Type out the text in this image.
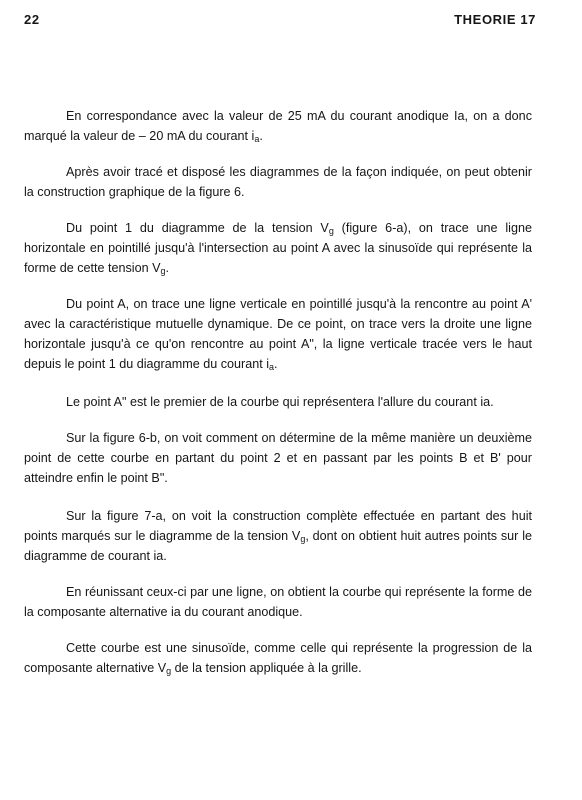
22	THEORIE 17

En correspondance avec la valeur de 25 mA du courant anodique Ia, on a donc marqué la valeur de – 20 mA du courant $i_a$.

Après avoir tracé et disposé les diagrammes de la façon indiquée, on peut obtenir la construction graphique de la figure 6.

Du point 1 du diagramme de la tension $V_g$ (figure 6-a), on trace une ligne horizontale en pointillé jusqu'à l'intersection au point A avec la sinusoïde qui représente la forme de cette tension $V_g$.

Du point A, on trace une ligne verticale en pointillé jusqu'à la rencontre au point A' avec la caractéristique mutuelle dynamique. De ce point, on trace vers la droite une ligne horizontale jusqu'à ce qu'on rencontre au point A", la ligne verticale tracée vers le haut depuis le point 1 du diagramme du courant $i_a$.

Le point A" est le premier de la courbe qui représentera l'allure du courant ia.

Sur la figure 6-b, on voit comment on détermine de la même manière un deuxième point de cette courbe en partant du point 2 et en passant par les points B et B' pour atteindre enfin le point B".

Sur la figure 7-a, on voit la construction complète effectuée en partant des huit points marqués sur le diagramme de la tension $V_g$, dont on obtient huit autres points sur le diagramme de courant ia.

En réunissant ceux-ci par une ligne, on obtient la courbe qui représente la forme de la composante alternative ia du courant anodique.

Cette courbe est une sinusoïde, comme celle qui représente la progression de la composante alternative $V_g$ de la tension appliquée à la grille.
